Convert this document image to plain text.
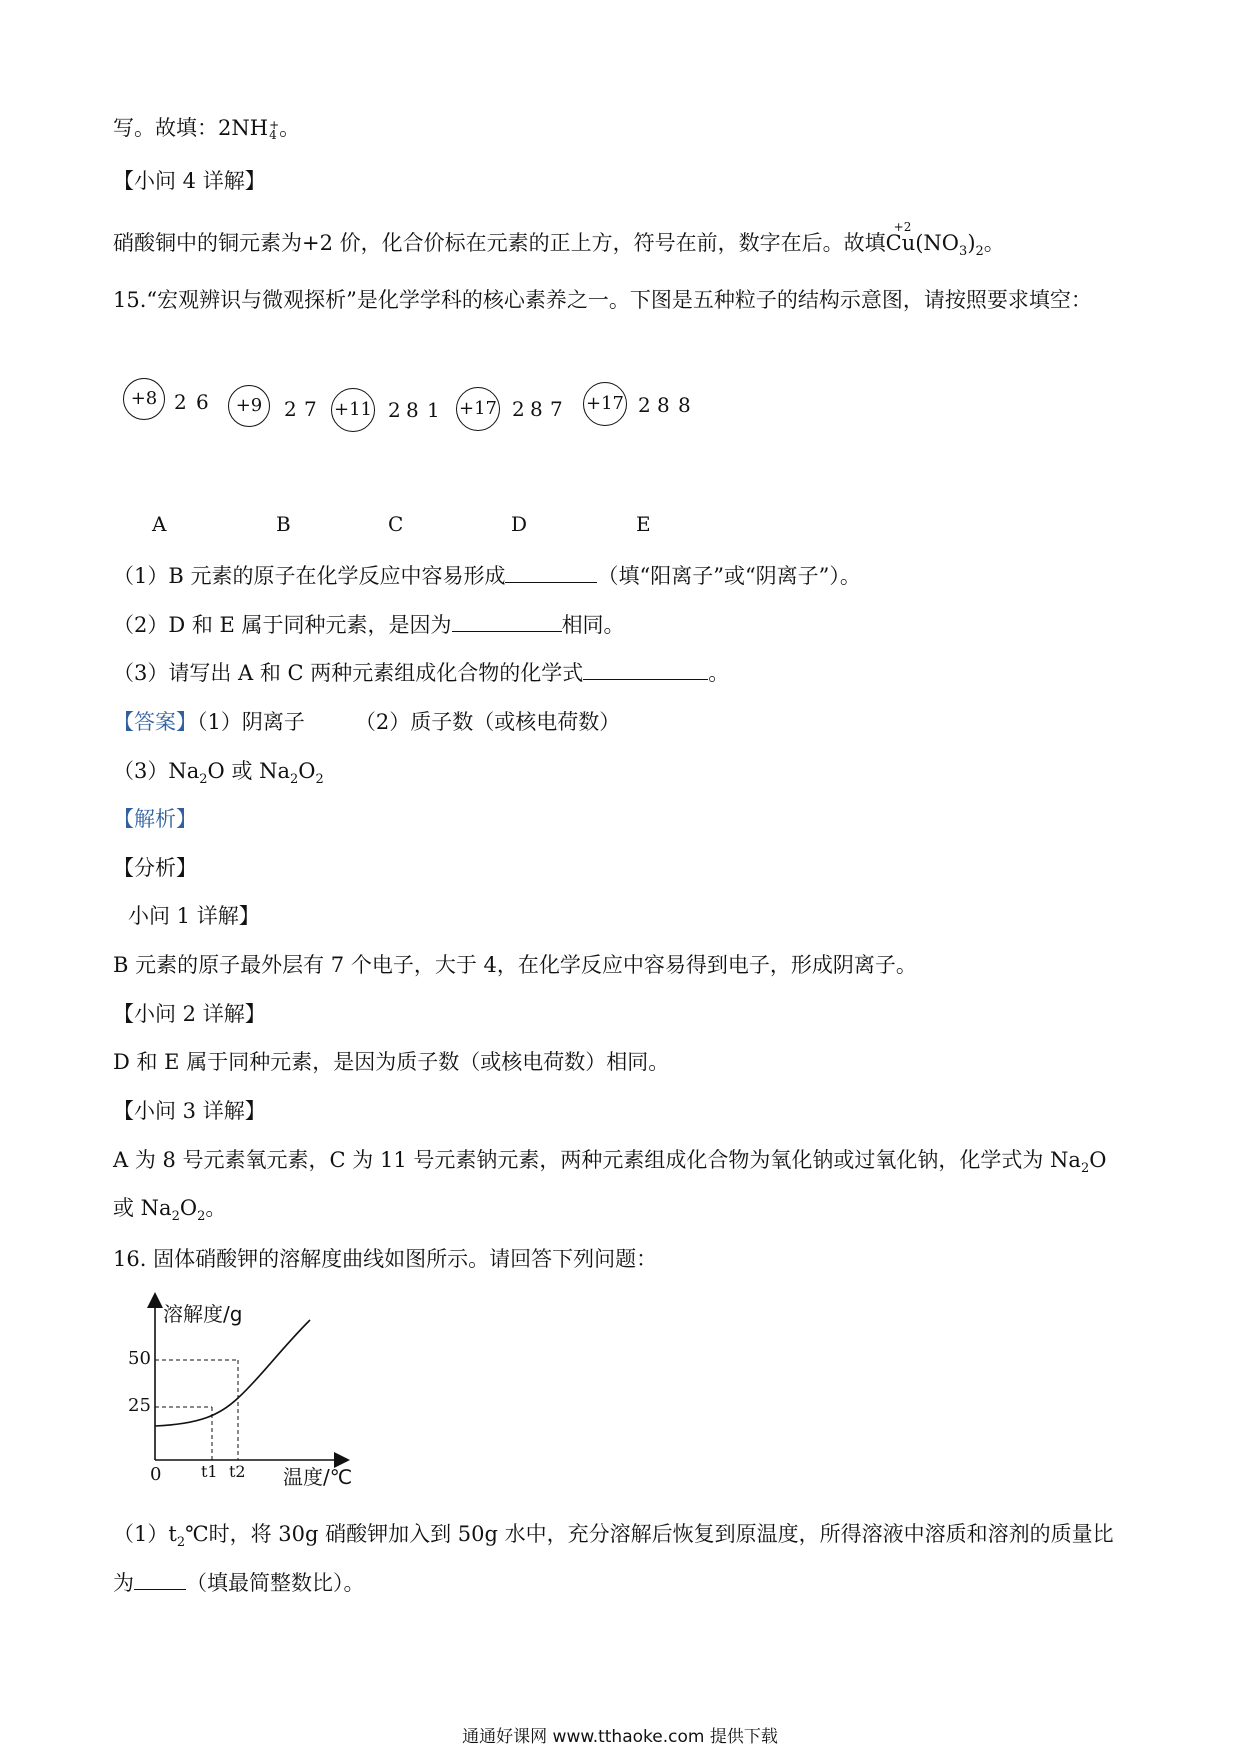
写。故填：2NH +
4 。
【小问 4 详解】
硝酸铜中的铜元素为+2 价，化合价标在元素的正上方，符号在前，数字在后。故填
+2
$Cu(NO_3)_2$。
15.“宏观辨识与微观探析”是化学学科的核心素养之一。下图是五种粒子的结构示意图，请按照要求填空：
+8 2 6	+9	2 7 +11 2 8 1 +17 2 8 7 +17 2 8 8
A	B	C	D	E
（1）B 元素的原子在化学反应中容易形成	（填“阳离子”或“阴离子”）。
（2）D 和 E 属于同种元素，是因为	相同。
（3）请写出 A 和 C 两种元素组成化合物的化学式	。
【答案】（1）阴离子 （2）质子数（或核电荷数）
$(3)Na_2O$ 或 $Na_2O_2$
【解析】
【分析】
小问 1 详解】
B 元素的原子最外层有 7 个电子，大于 4，在化学反应中容易得到电子，形成阴离子。
【小问 2 详解】
D 和 E 属于同种元素，是因为质子数（或核电荷数）相同。
【小问 3 详解】
A 为 8 号元素氧元素，C 为 11 号元素钠元素，两种元素组成化合物为氧化钠或过氧化钠，化学式为 $Na_2O$
或 $Na_2O_2$。
16. 固体硝酸钾的溶解度曲线如图所示。请回答下列问题：
溶解度/g
50
25
0 t1 t2 温度/℃
$(1)t_2℃$时，将 30g 硝酸钾加入到 50g 水中，充分溶解后恢复到原温度，所得溶液中溶质和溶剂的质量比
为 （填最简整数比）。
通通好课网 www.tthaoke.com 提供下载
